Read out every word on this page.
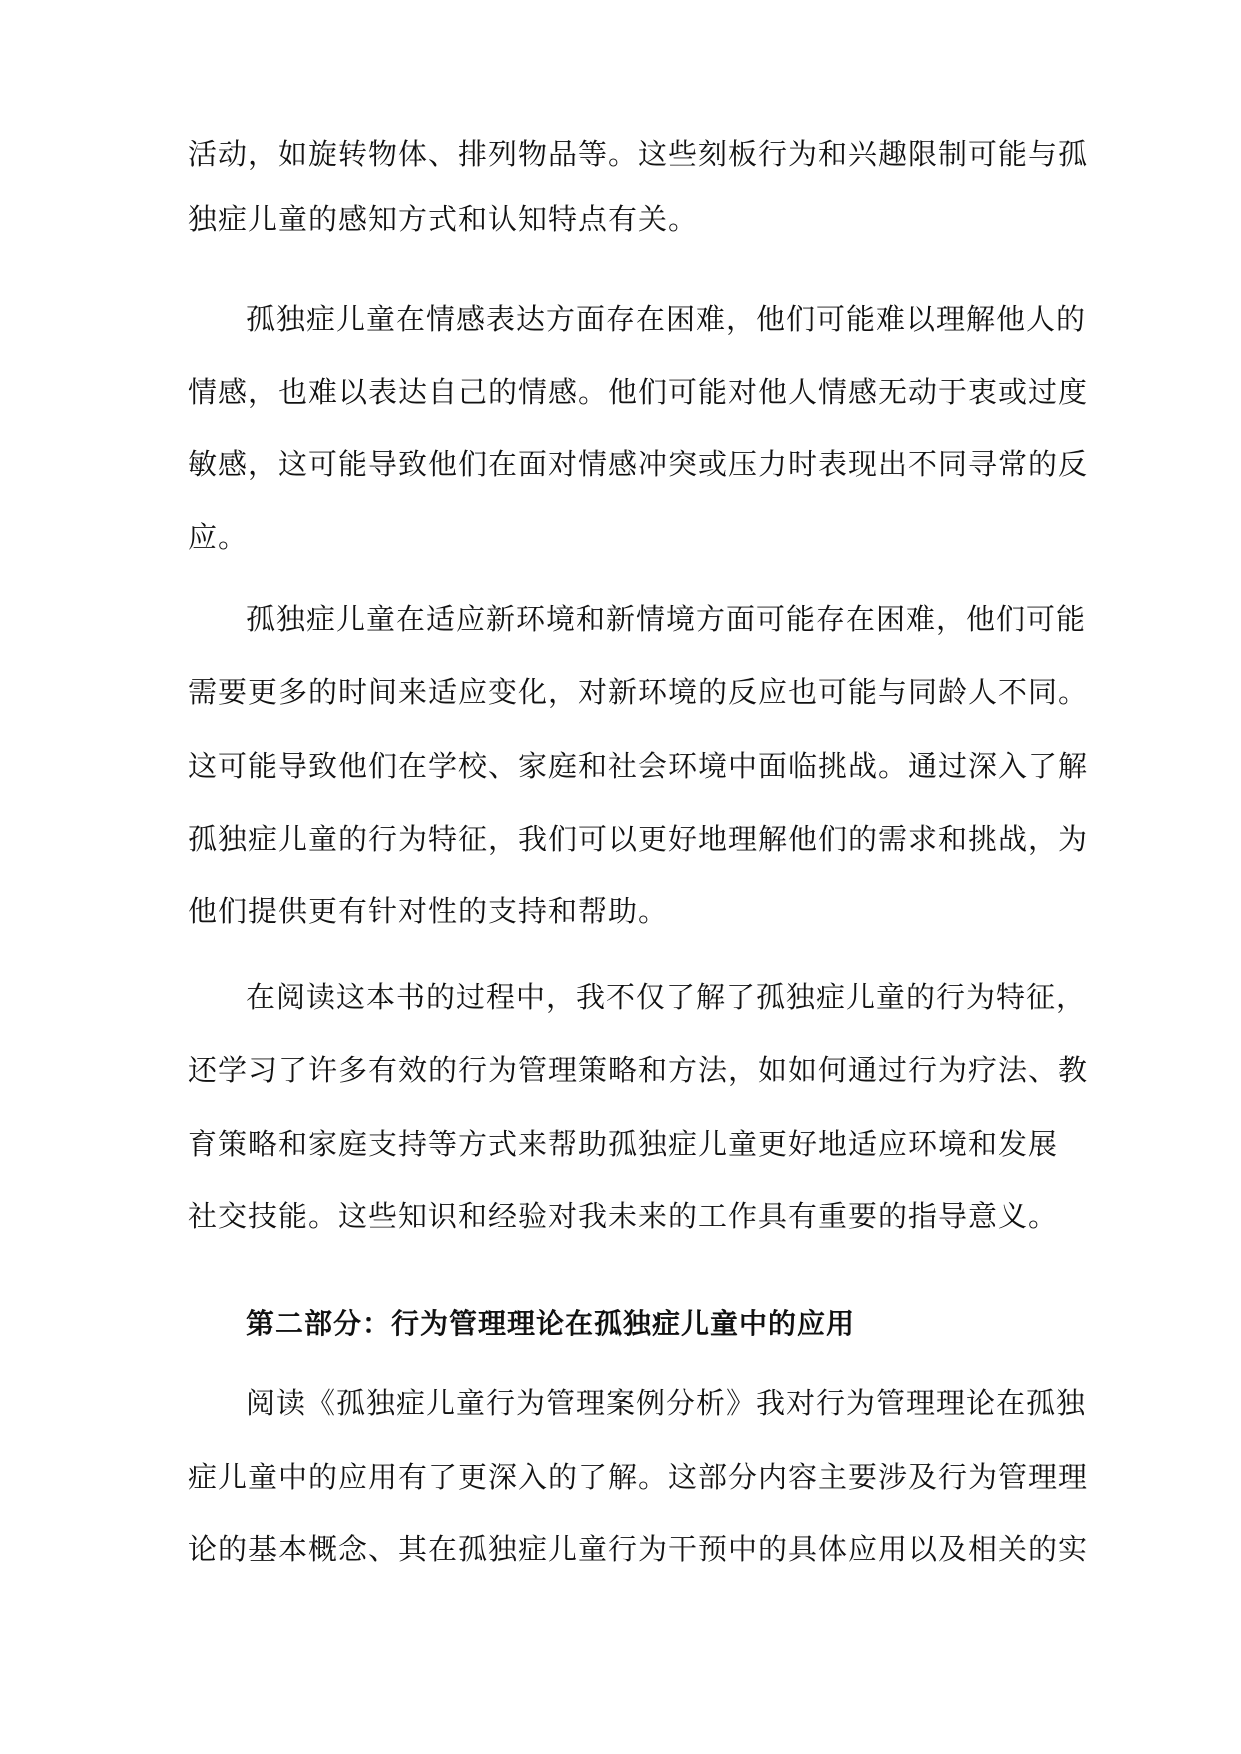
活动，如旋转物体、排列物品等。这些刻板行为和兴趣限制可能与孤
独症儿童的感知方式和认知特点有关。
孤独症儿童在情感表达方面存在困难，他们可能难以理解他人的
情感，也难以表达自己的情感。他们可能对他人情感无动于衷或过度
敏感，这可能导致他们在面对情感冲突或压力时表现出不同寻常的反
应。
孤独症儿童在适应新环境和新情境方面可能存在困难，他们可能
需要更多的时间来适应变化，对新环境的反应也可能与同龄人不同。
这可能导致他们在学校、家庭和社会环境中面临挑战。通过深入了解
孤独症儿童的行为特征，我们可以更好地理解他们的需求和挑战，为
他们提供更有针对性的支持和帮助。
在阅读这本书的过程中，我不仅了解了孤独症儿童的行为特征，
还学习了许多有效的行为管理策略和方法，如如何通过行为疗法、教
育策略和家庭支持等方式来帮助孤独症儿童更好地适应环境和发展
社交技能。这些知识和经验对我未来的工作具有重要的指导意义。
第二部分：行为管理理论在孤独症儿童中的应用
阅读《孤独症儿童行为管理案例分析》我对行为管理理论在孤独
症儿童中的应用有了更深入的了解。这部分内容主要涉及行为管理理
论的基本概念、其在孤独症儿童行为干预中的具体应用以及相关的实
